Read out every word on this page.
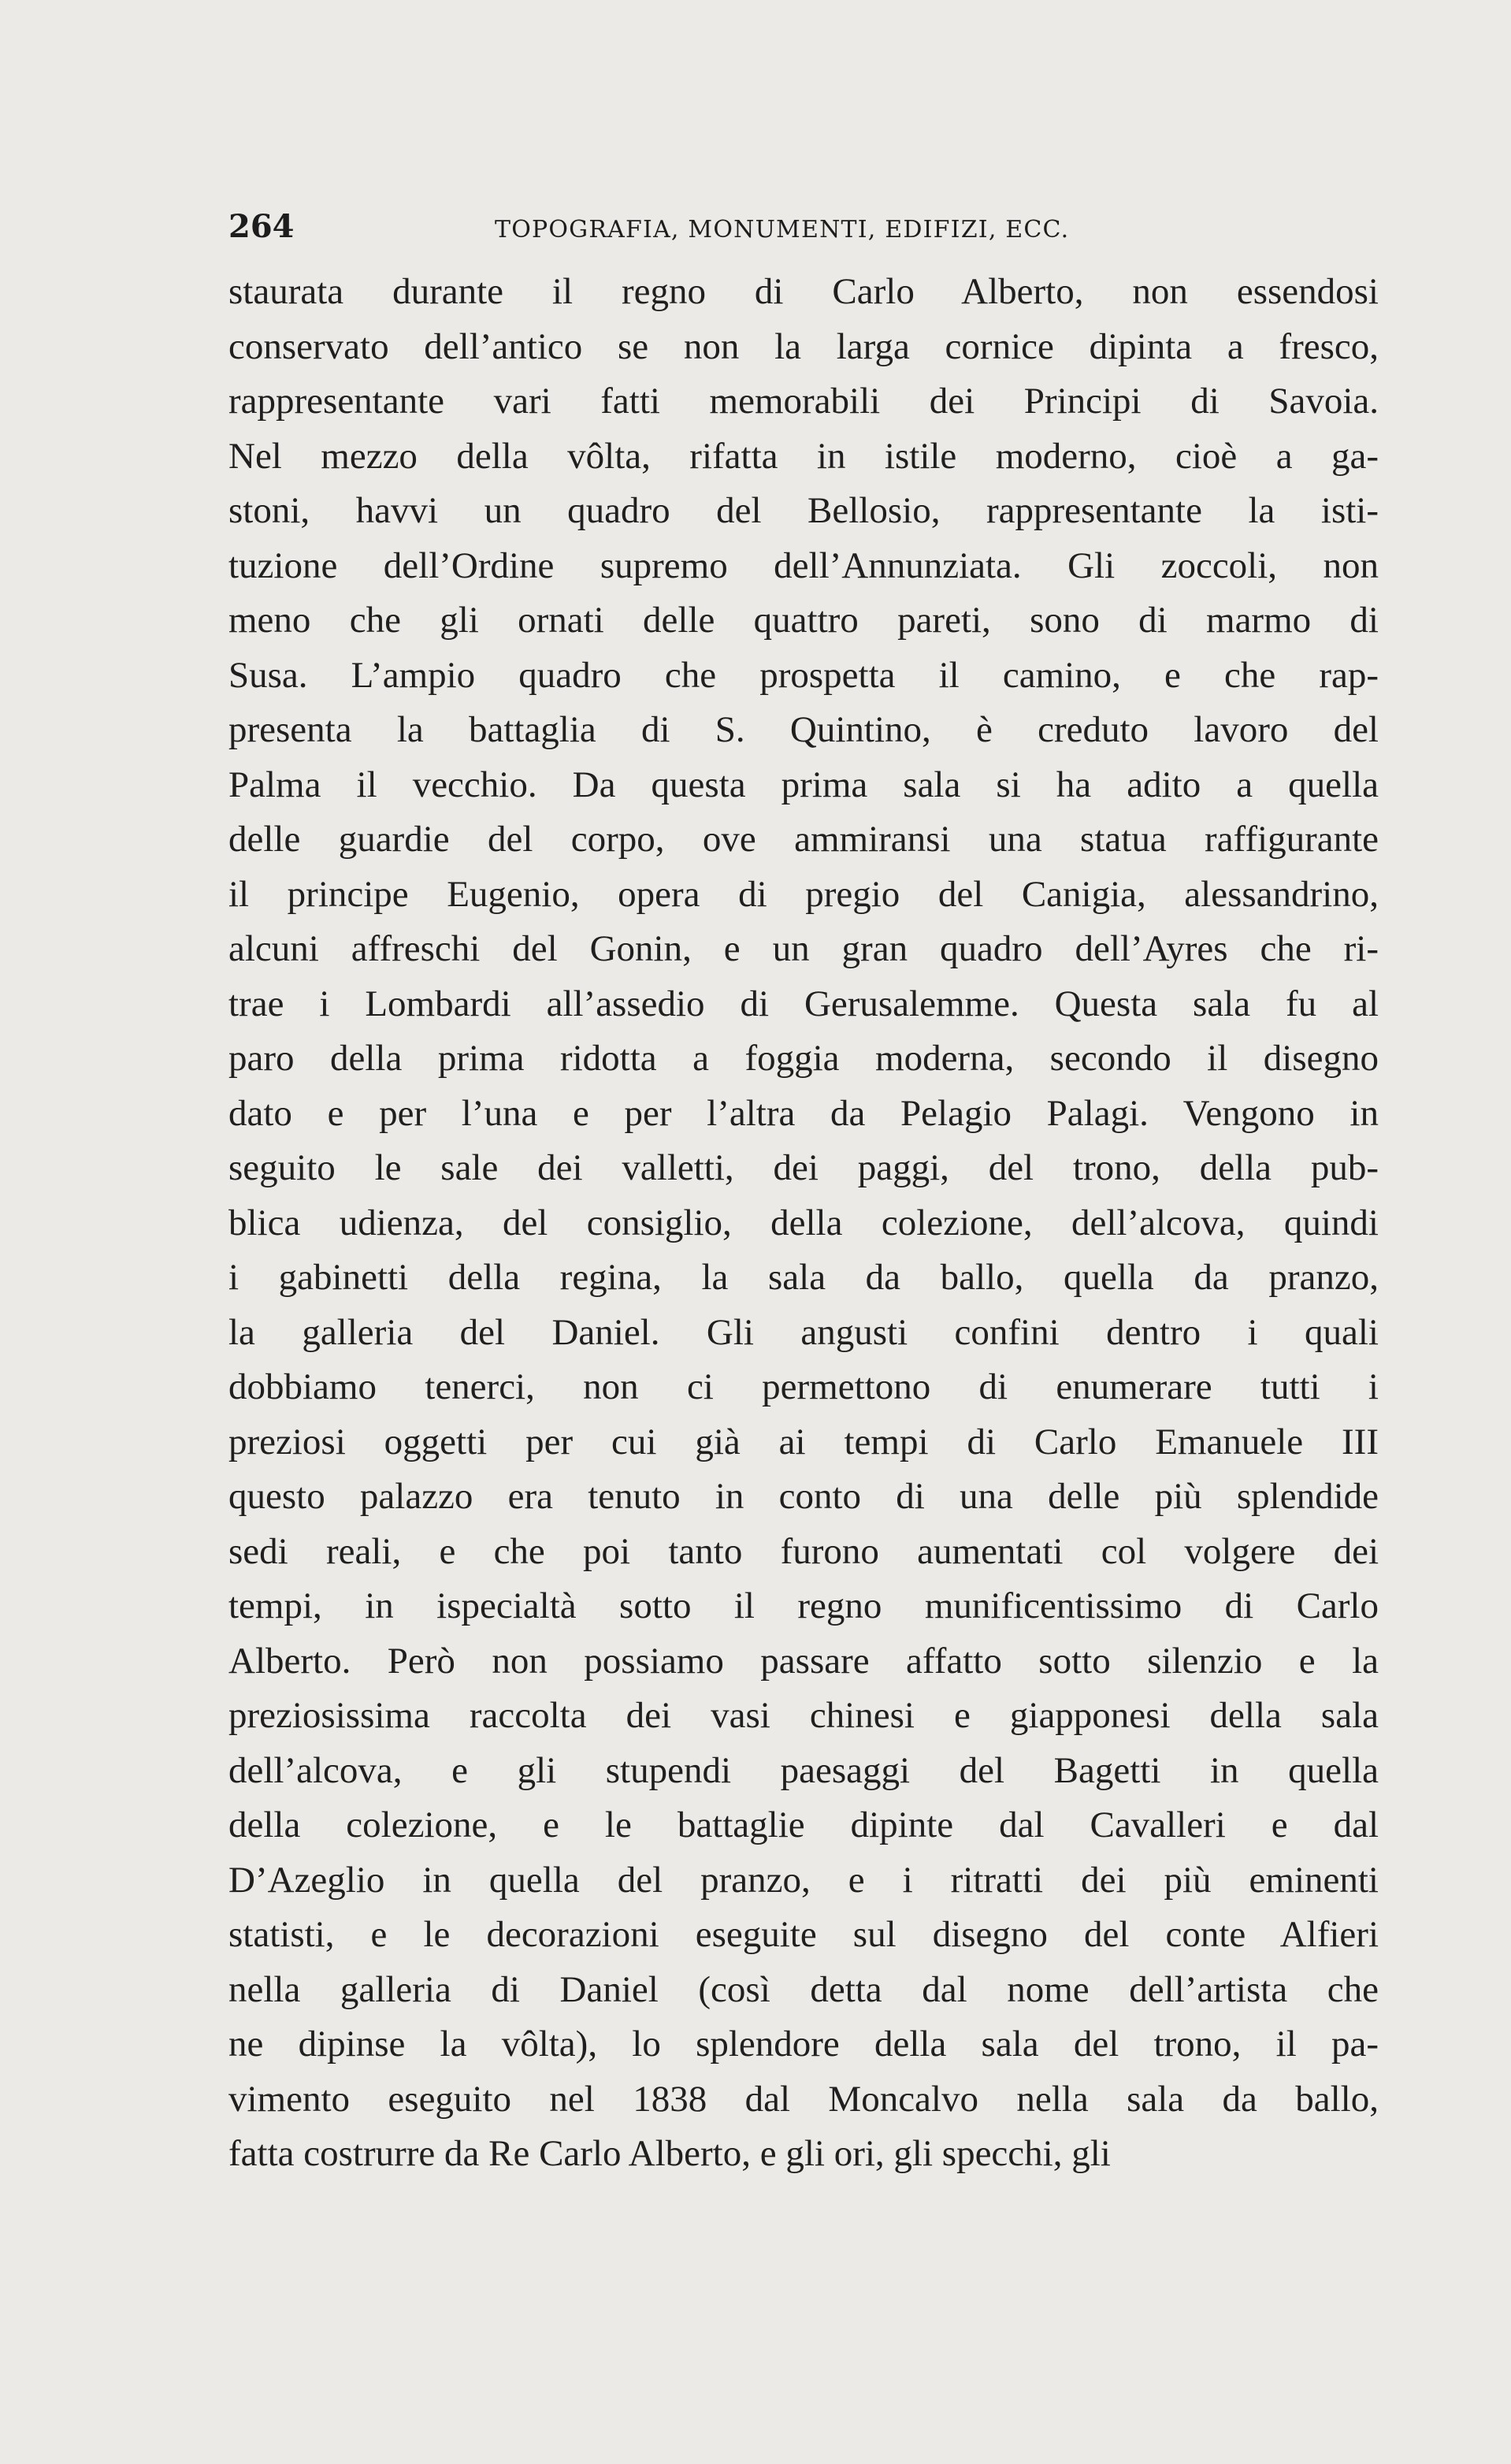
264	TOPOGRAFIA, MONUMENTI, EDIFIZI, ECC.
staurata durante il regno di Carlo Alberto, non essendosi
conservato dell’antico se non la larga cornice dipinta a fresco,
rappresentante vari fatti memorabili dei Principi di Savoia.
Nel mezzo della vôlta, rifatta in istile moderno, cioè a ga-
stoni, havvi un quadro del Bellosio, rappresentante la isti-
tuzione dell’Ordine supremo dell’Annunziata. Gli zoccoli, non
meno che gli ornati delle quattro pareti, sono di marmo di
Susa. L’ampio quadro che prospetta il camino, e che rap-
presenta la battaglia di S. Quintino, è creduto lavoro del
Palma il vecchio. Da questa prima sala si ha adito a quella
delle guardie del corpo, ove ammiransi una statua raffigurante
il principe Eugenio, opera di pregio del Canigia, alessandrino,
alcuni affreschi del Gonin, e un gran quadro dell’Ayres che ri-
trae i Lombardi all’assedio di Gerusalemme. Questa sala fu al
paro della prima ridotta a foggia moderna, secondo il disegno
dato e per l’una e per l’altra da Pelagio Palagi. Vengono in
seguito le sale dei valletti, dei paggi, del trono, della pub-
blica udienza, del consiglio, della colezione, dell’alcova, quindi
i gabinetti della regina, la sala da ballo, quella da pranzo,
la galleria del Daniel. Gli angusti confini dentro i quali
dobbiamo tenerci, non ci permettono di enumerare tutti i
preziosi oggetti per cui già ai tempi di Carlo Emanuele III
questo palazzo era tenuto in conto di una delle più splendide
sedi reali, e che poi tanto furono aumentati col volgere dei
tempi, in ispecialtà sotto il regno munificentissimo di Carlo
Alberto. Però non possiamo passare affatto sotto silenzio e la
preziosissima raccolta dei vasi chinesi e giapponesi della sala
dell’alcova, e gli stupendi paesaggi del Bagetti in quella
della colezione, e le battaglie dipinte dal Cavalleri e dal
D’Azeglio in quella del pranzo, e i ritratti dei più eminenti
statisti, e le decorazioni eseguite sul disegno del conte Alfieri
nella galleria di Daniel (così detta dal nome dell’artista che
ne dipinse la vôlta), lo splendore della sala del trono, il pa-
vimento eseguito nel 1838 dal Moncalvo nella sala da ballo,
fatta costrurre da Re Carlo Alberto, e gli ori, gli specchi, gli
